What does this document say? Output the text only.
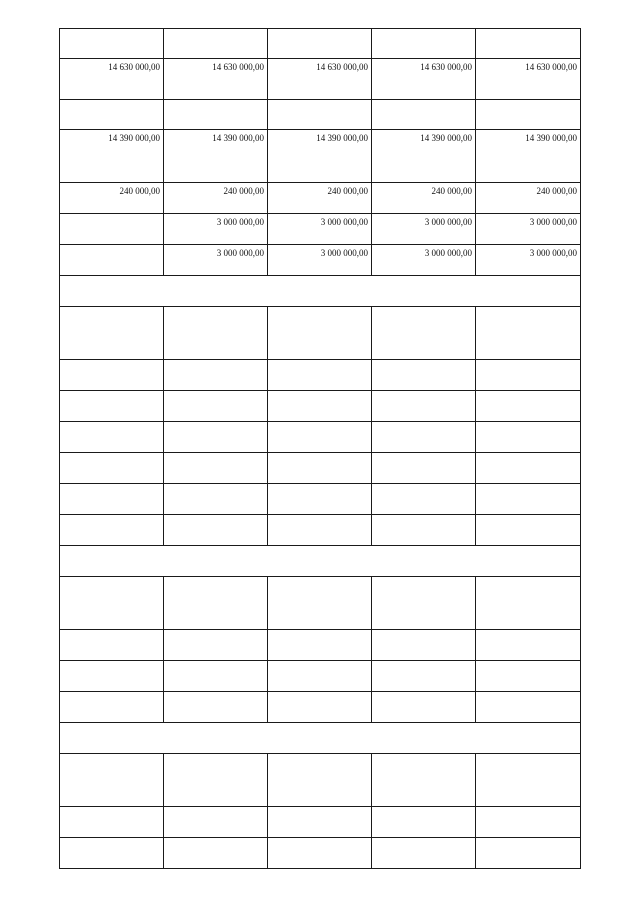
14 630 000,00	14 630 000,00	14 630 000,00	14 630 000,00	14 630 000,00

14 390 000,00	14 390 000,00	14 390 000,00	14 390 000,00	14 390 000,00
240 000,00	240 000,00	240 000,00	240 000,00	240 000,00
	3 000 000,00	3 000 000,00	3 000 000,00	3 000 000,00
	3 000 000,00	3 000 000,00	3 000 000,00	3 000 000,00
